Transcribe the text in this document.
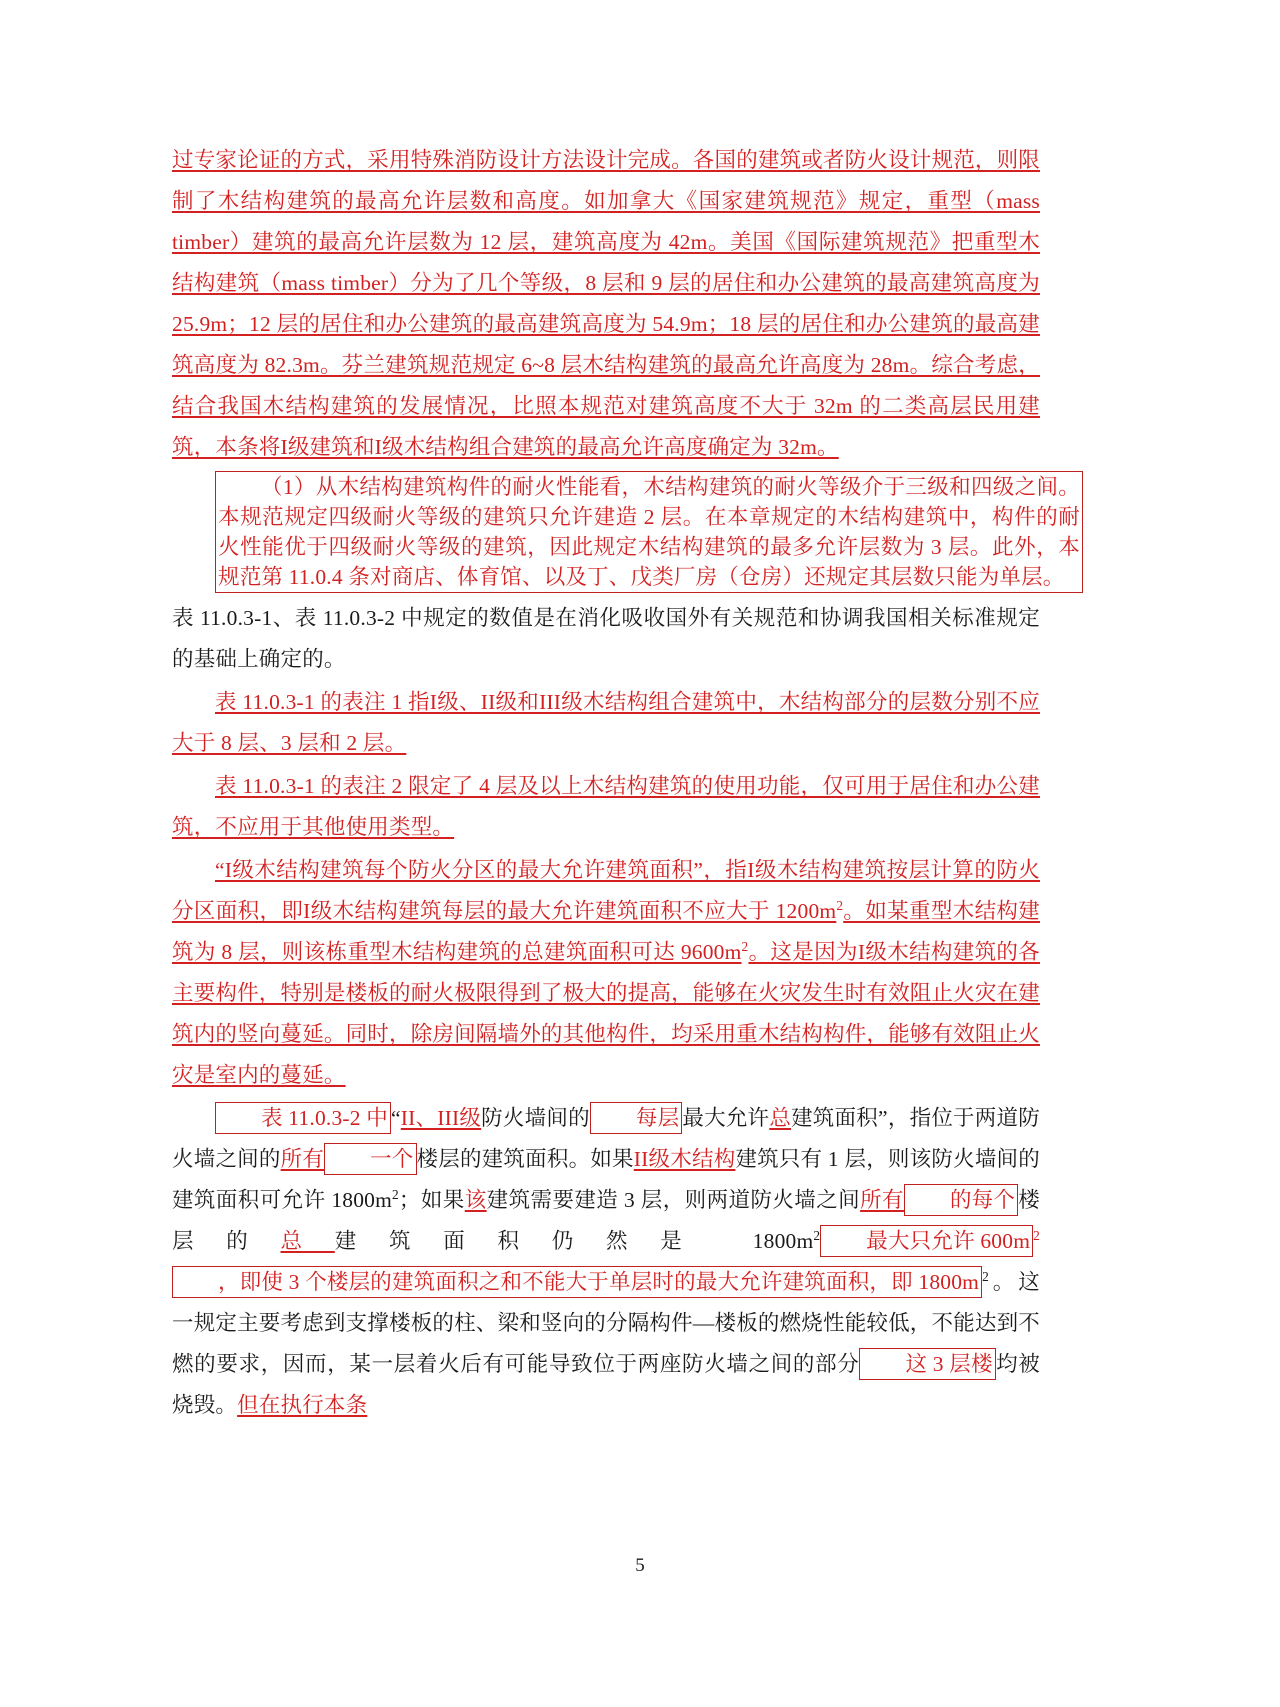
过专家论证的方式，采用特殊消防设计方法设计完成。各国的建筑或者防火设计规范，则限制了木结构建筑的最高允许层数和高度。如加拿大《国家建筑规范》规定，重型（mass timber）建筑的最高允许层数为 12 层，建筑高度为 42m。美国《国际建筑规范》把重型木结构建筑（mass timber）分为了几个等级，8 层和 9 层的居住和办公建筑的最高建筑高度为 25.9m；12 层的居住和办公建筑的最高建筑高度为 54.9m；18 层的居住和办公建筑的最高建筑高度为 82.3m。芬兰建筑规范规定 6~8 层木结构建筑的最高允许高度为 28m。综合考虑，结合我国木结构建筑的发展情况，比照本规范对建筑高度不大于 32m 的二类高层民用建筑，本条将I级建筑和I级木结构组合建筑的最高允许高度确定为 32m。

（1）从木结构建筑构件的耐火性能看，木结构建筑的耐火等级介于三级和四级之间。本规范规定四级耐火等级的建筑只允许建造 2 层。在本章规定的木结构建筑中，构件的耐火性能优于四级耐火等级的建筑，因此规定木结构建筑的最多允许层数为 3 层。此外，本规范第 11.0.4 条对商店、体育馆、以及丁、戊类厂房（仓房）还规定其层数只能为单层。表 11.0.3-1、表 11.0.3-2 中规定的数值是在消化吸收国外有关规范和协调我国相关标准规定的基础上确定的。

表 11.0.3-1 的表注 1 指I级、II级和III级木结构组合建筑中，木结构部分的层数分别不应大于 8 层、3 层和 2 层。

表 11.0.3-1 的表注 2 限定了 4 层及以上木结构建筑的使用功能，仅可用于居住和办公建筑，不应用于其他使用类型。

“I级木结构建筑每个防火分区的最大允许建筑面积”，指I级木结构建筑按层计算的防火分区面积，即I级木结构建筑每层的最大允许建筑面积不应大于 $1200m^2$。如某重型木结构建筑为 8 层，则该栋重型木结构建筑的总建筑面积可达 $9600m^2$。这是因为I级木结构建筑的各主要构件，特别是楼板的耐火极限得到了极大的提高，能够在火灾发生时有效阻止火灾在建筑内的竖向蔓延。同时，除房间隔墙外的其他构件，均采用重木结构构件，能够有效阻止火灾是室内的蔓延。

表 11.0.3-2 中 “II、III级防火墙间的 每层 最大允许总建筑面积”，指位于两道防火墙之间的所有 一个 楼层的建筑面积。如果II级木结构建筑只有 1 层，则该防火墙间的建筑面积可允许 $1800m^2$；如果该建筑需要建造 3 层，则两道防火墙之间所有 的每个 楼层的总建筑面积仍然是 $1800m^2$ 最大只允许 600m $^2$，即使 3 个楼层的建筑面积之和不能大于单层时的最大允许建筑面积，即 1800m $^2$。这一规定主要考虑到支撑楼板的柱、梁和竖向的分隔构件—楼板的燃烧性能较低，不能达到不燃的要求，因而，某一层着火后有可能导致位于两座防火墙之间的部分 这 3 层楼 均被烧毁。但在执行本条

5
